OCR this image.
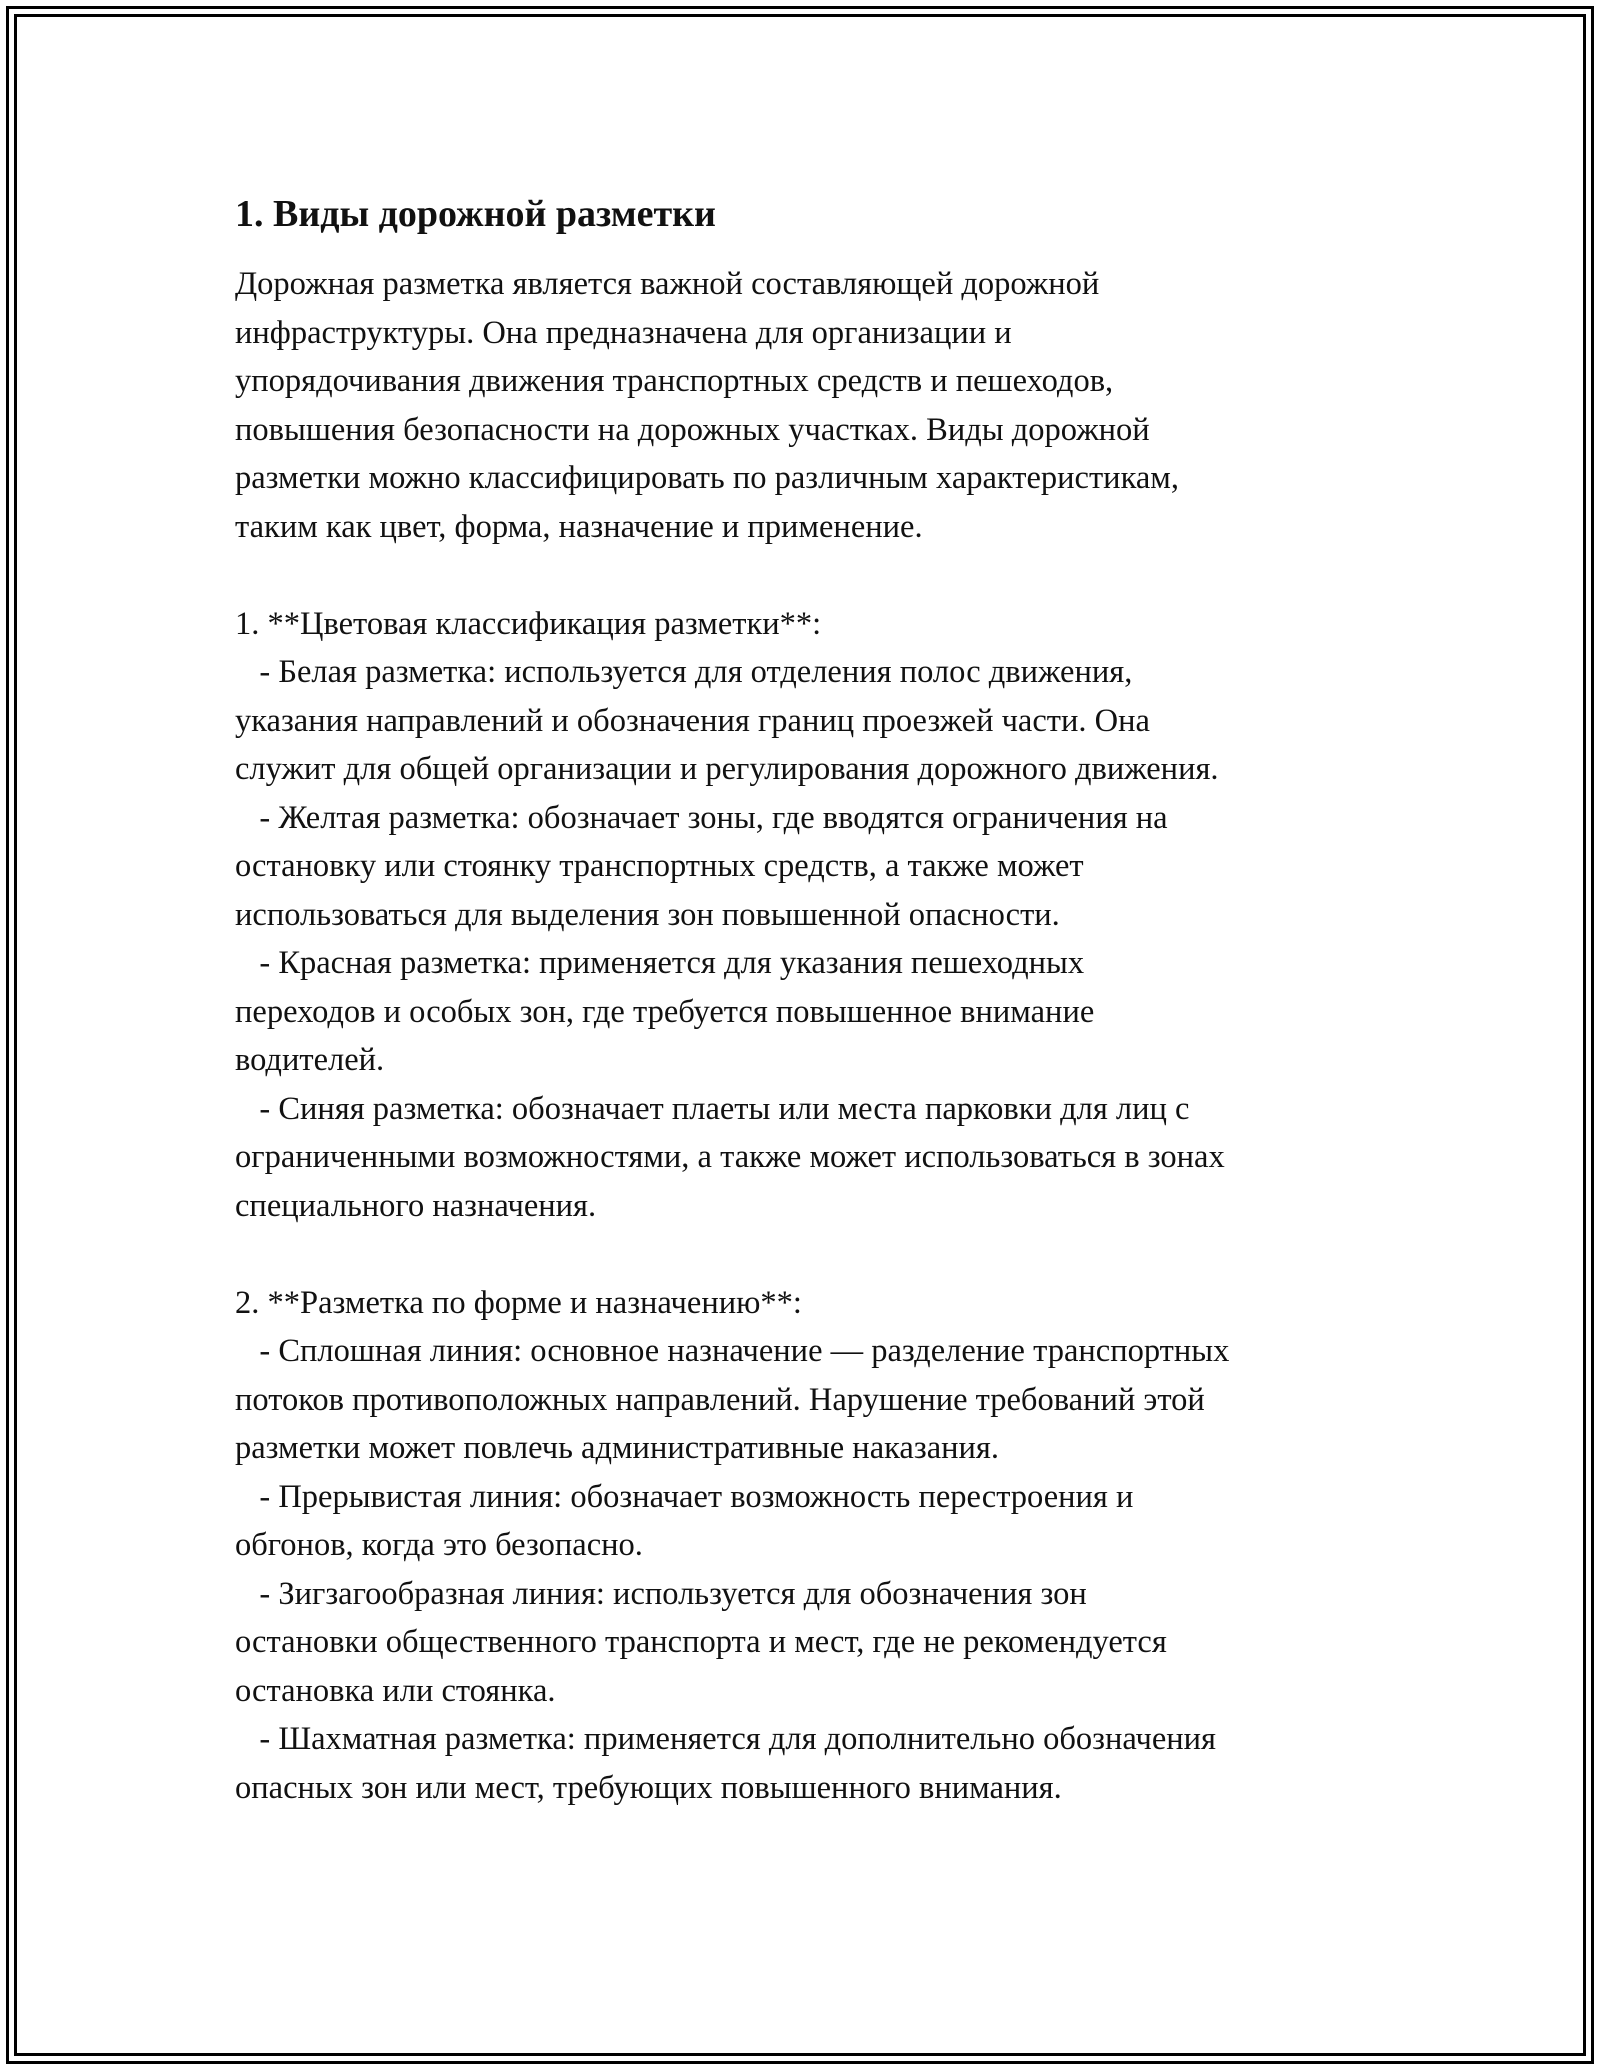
1. Виды дорожной разметки

Дорожная разметка является важной составляющей дорожной
инфраструктуры. Она предназначена для организации и
упорядочивания движения транспортных средств и пешеходов,
повышения безопасности на дорожных участках. Виды дорожной
разметки можно классифицировать по различным характеристикам,
таким как цвет, форма, назначение и применение.

1. **Цветовая классификация разметки**:
- Белая разметка: используется для отделения полос движения,
указания направлений и обозначения границ проезжей части. Она
служит для общей организации и регулирования дорожного движения.
- Желтая разметка: обозначает зоны, где вводятся ограничения на
остановку или стоянку транспортных средств, а также может
использоваться для выделения зон повышенной опасности.
- Красная разметка: применяется для указания пешеходных
переходов и особых зон, где требуется повышенное внимание
водителей.
- Синяя разметка: обозначает плаеты или места парковки для лиц с
ограниченными возможностями, а также может использоваться в зонах
специального назначения.

2. **Разметка по форме и назначению**:
- Сплошная линия: основное назначение — разделение транспортных
потоков противоположных направлений. Нарушение требований этой
разметки может повлечь административные наказания.
- Прерывистая линия: обозначает возможность перестроения и
обгонов, когда это безопасно.
- Зигзагообразная линия: используется для обозначения зон
остановки общественного транспорта и мест, где не рекомендуется
остановка или стоянка.
- Шахматная разметка: применяется для дополнительно обозначения
опасных зон или мест, требующих повышенного внимания.
